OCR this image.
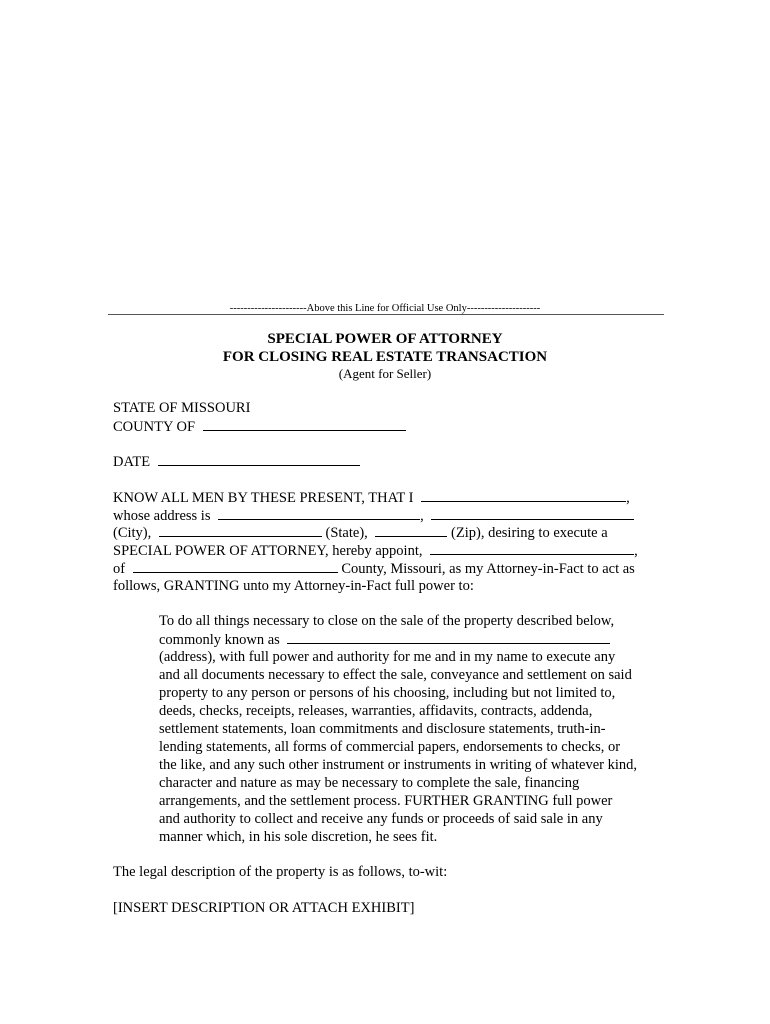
----------------------Above this Line for Official Use Only---------------------
SPECIAL POWER OF ATTORNEY
FOR CLOSING REAL ESTATE TRANSACTION
(Agent for Seller)
STATE OF MISSOURI
COUNTY OF
DATE
KNOW ALL MEN BY THESE PRESENT, THAT I	,
whose address is	,
(City),	(State),	(Zip), desiring to execute a
SPECIAL POWER OF ATTORNEY, hereby appoint,	,
of	County, Missouri, as my Attorney-in-Fact to act as
follows, GRANTING unto my Attorney-in-Fact full power to:
To do all things necessary to close on the sale of the property described below,
commonly known as
(address), with full power and authority for me and in my name to execute any
and all documents necessary to effect the sale, conveyance and settlement on said
property to any person or persons of his choosing, including but not limited to,
deeds, checks, receipts, releases, warranties, affidavits, contracts, addenda,
settlement statements, loan commitments and disclosure statements, truth-in-
lending statements, all forms of commercial papers, endorsements to checks, or
the like, and any such other instrument or instruments in writing of whatever kind,
character and nature as may be necessary to complete the sale, financing
arrangements, and the settlement process. FURTHER GRANTING full power
and authority to collect and receive any funds or proceeds of said sale in any
manner which, in his sole discretion, he sees fit.
The legal description of the property is as follows, to-wit:
[INSERT DESCRIPTION OR ATTACH EXHIBIT]
